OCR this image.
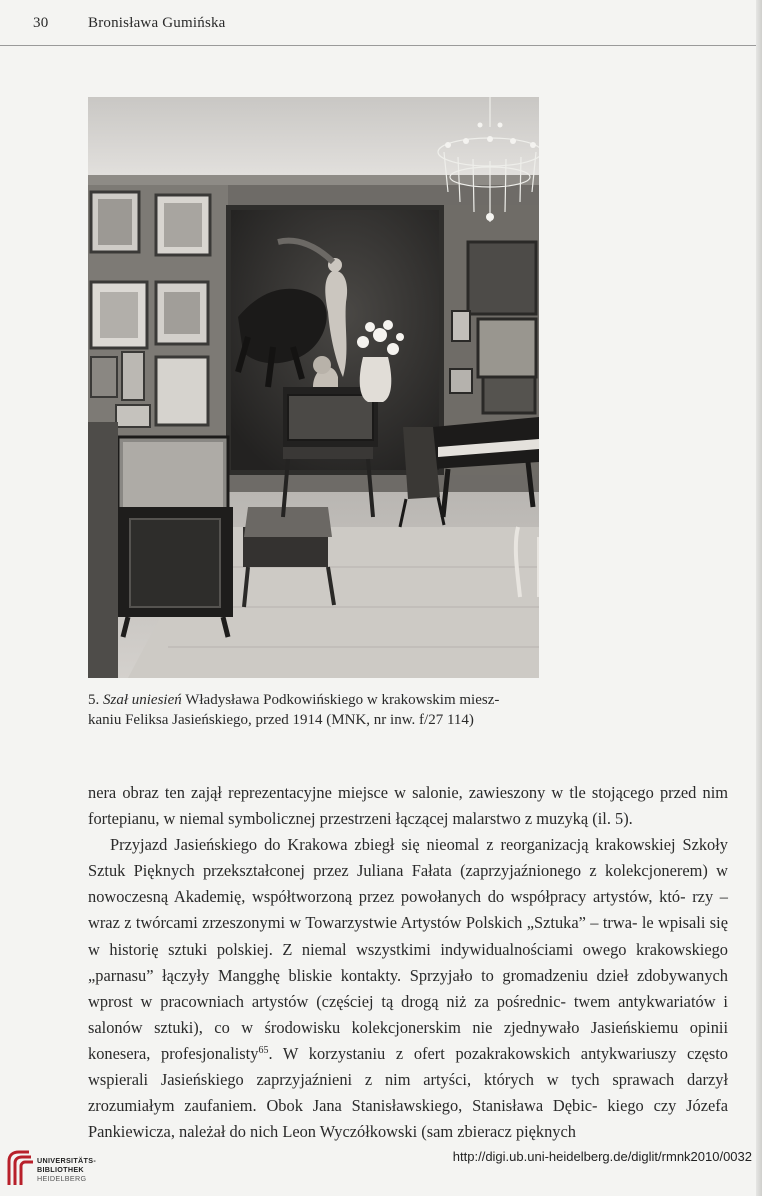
30	Bronisława Gumińska
5. Szał uniesień Władysława Podkowińskiego w krakowskim miesz-
kaniu Feliksa Jasieńskiego, przed 1914 (MNK, nr inw. f/27 114)

nera obraz ten zajął reprezentacyjne miejsce w salonie, zawieszony w tle stojącego przed nim fortepianu, w niemal symbolicznej przestrzeni łączącej malarstwo z muzyką (il. 5).

Przyjazd Jasieńskiego do Krakowa zbiegł się nieomal z reorganizacją krakowskiej Szkoły Sztuk Pięknych przekształconej przez Juliana Fałata (zaprzyjaźnionego z kolekcjonerem) w nowoczesną Akademię, współtworzoną przez powołanych do współpracy artystów, któ- rzy – wraz z twórcami zrzeszonymi w Towarzystwie Artystów Polskich „Sztuka” – trwa- le wpisali się w historię sztuki polskiej. Z niemal wszystkimi indywidualnościami owego krakowskiego „parnasu” łączyły Mangghę bliskie kontakty. Sprzyjało to gromadzeniu dzieł zdobywanych wprost w pracowniach artystów (częściej tą drogą niż za pośrednic- twem antykwariatów i salonów sztuki), co w środowisku kolekcjonerskim nie zjednywało Jasieńskiemu opinii konesera, profesjonalisty$^{65}$. W korzystaniu z ofert pozakrakowskich antykwariuszy często wspierali Jasieńskiego zaprzyjaźnieni z nim artyści, których w tych sprawach darzył zrozumiałym zaufaniem. Obok Jana Stanisławskiego, Stanisława Dębic- kiego czy Józefa Pankiewicza, należał do nich Leon Wyczółkowski (sam zbieracz pięknych

UNIVERSITÄTS-
BIBLIOTHEK
HEIDELBERG
http://digi.ub.uni-heidelberg.de/diglit/rmnk2010/0032
